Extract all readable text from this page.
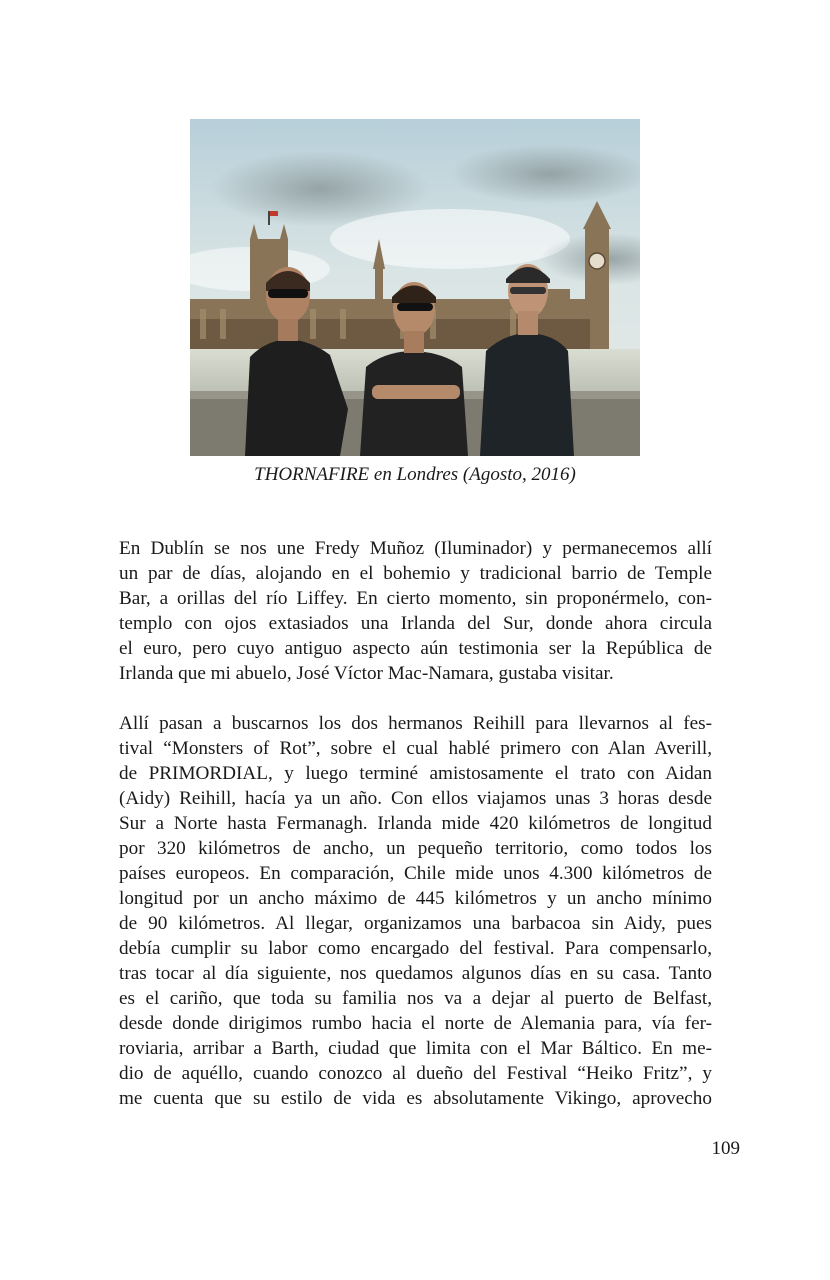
THORNAFIRE en Londres (Agosto, 2016)
En Dublín se nos une Fredy Muñoz (Iluminador) y permanecemos allí
un par de días, alojando en el bohemio y tradicional barrio de Temple
Bar, a orillas del río Liffey. En cierto momento, sin proponérmelo, con-
templo con ojos extasiados una Irlanda del Sur, donde ahora circula
el euro, pero cuyo antiguo aspecto aún testimonia ser la República de
Irlanda que mi abuelo, José Víctor Mac-Namara, gustaba visitar.
Allí pasan a buscarnos los dos hermanos Reihill para llevarnos al fes-
tival “Monsters of Rot”, sobre el cual hablé primero con Alan Averill,
de PRIMORDIAL, y luego terminé amistosamente el trato con Aidan
(Aidy) Reihill, hacía ya un año. Con ellos viajamos unas 3 horas desde
Sur a Norte hasta Fermanagh. Irlanda mide 420 kilómetros de longitud
por 320 kilómetros de ancho, un pequeño territorio, como todos los
países europeos. En comparación, Chile mide unos 4.300 kilómetros de
longitud por un ancho máximo de 445 kilómetros y un ancho mínimo
de 90 kilómetros. Al llegar, organizamos una barbacoa sin Aidy, pues
debía cumplir su labor como encargado del festival. Para compensarlo,
tras tocar al día siguiente, nos quedamos algunos días en su casa. Tanto
es el cariño, que toda su familia nos va a dejar al puerto de Belfast,
desde donde dirigimos rumbo hacia el norte de Alemania para, vía fer-
roviaria, arribar a Barth, ciudad que limita con el Mar Báltico. En me-
dio de aquéllo, cuando conozco al dueño del Festival “Heiko Fritz”, y
me cuenta que su estilo de vida es absolutamente Vikingo, aprovecho
109
